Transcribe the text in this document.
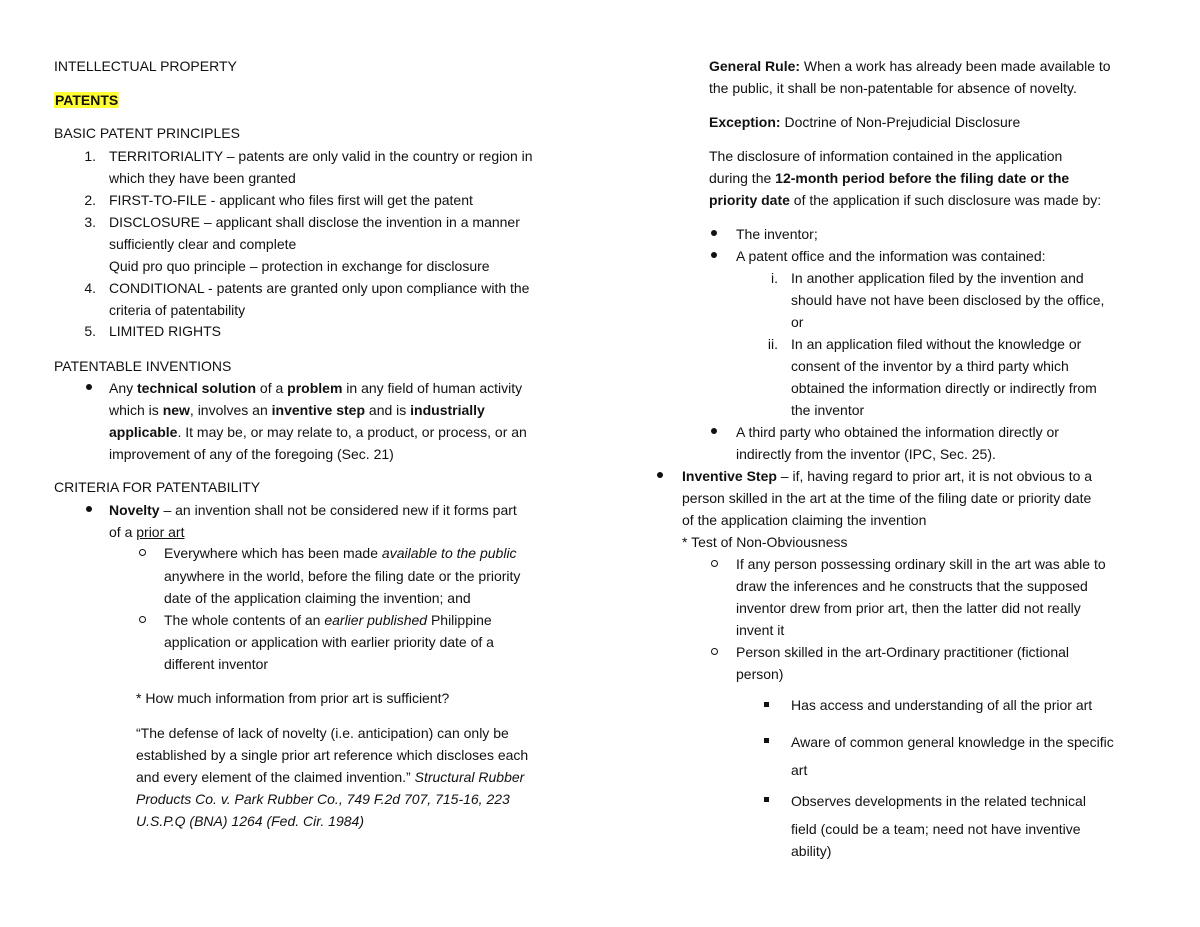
INTELLECTUAL PROPERTY
PATENTS
BASIC PATENT PRINCIPLES
1. TERRITORIALITY – patents are only valid in the country or region in
which they have been granted
2. FIRST-TO-FILE - applicant who files first will get the patent
3. DISCLOSURE – applicant shall disclose the invention in a manner
sufficiently clear and complete
Quid pro quo principle – protection in exchange for disclosure
4. CONDITIONAL - patents are granted only upon compliance with the
criteria of patentability
5. LIMITED RIGHTS
PATENTABLE INVENTIONS
Any technical solution of a problem in any field of human activity
which is new, involves an inventive step and is industrially
applicable. It may be, or may relate to, a product, or process, or an
improvement of any of the foregoing (Sec. 21)
CRITERIA FOR PATENTABILITY
Novelty – an invention shall not be considered new if it forms part
of a prior art
Everywhere which has been made available to the public
anywhere in the world, before the filing date or the priority
date of the application claiming the invention; and
The whole contents of an earlier published Philippine
application or application with earlier priority date of a
different inventor
* How much information from prior art is sufficient?
“The defense of lack of novelty (i.e. anticipation) can only be
established by a single prior art reference which discloses each
and every element of the claimed invention.” Structural Rubber
Products Co. v. Park Rubber Co., 749 F.2d 707, 715-16, 223
U.S.P.Q (BNA) 1264 (Fed. Cir. 1984)
General Rule: When a work has already been made available to
the public, it shall be non-patentable for absence of novelty.
Exception: Doctrine of Non-Prejudicial Disclosure
The disclosure of information contained in the application
during the 12-month period before the filing date or the
priority date of the application if such disclosure was made by:
The inventor;
A patent office and the information was contained:
i. In another application filed by the invention and
should have not have been disclosed by the office,
or
ii. In an application filed without the knowledge or
consent of the inventor by a third party which
obtained the information directly or indirectly from
the inventor
A third party who obtained the information directly or
indirectly from the inventor (IPC, Sec. 25).
Inventive Step – if, having regard to prior art, it is not obvious to a
person skilled in the art at the time of the filing date or priority date
of the application claiming the invention
* Test of Non-Obviousness
If any person possessing ordinary skill in the art was able to
draw the inferences and he constructs that the supposed
inventor drew from prior art, then the latter did not really
invent it
Person skilled in the art-Ordinary practitioner (fictional
person)
Has access and understanding of all the prior art
Aware of common general knowledge in the specific
art
Observes developments in the related technical
field (could be a team; need not have inventive
ability)
